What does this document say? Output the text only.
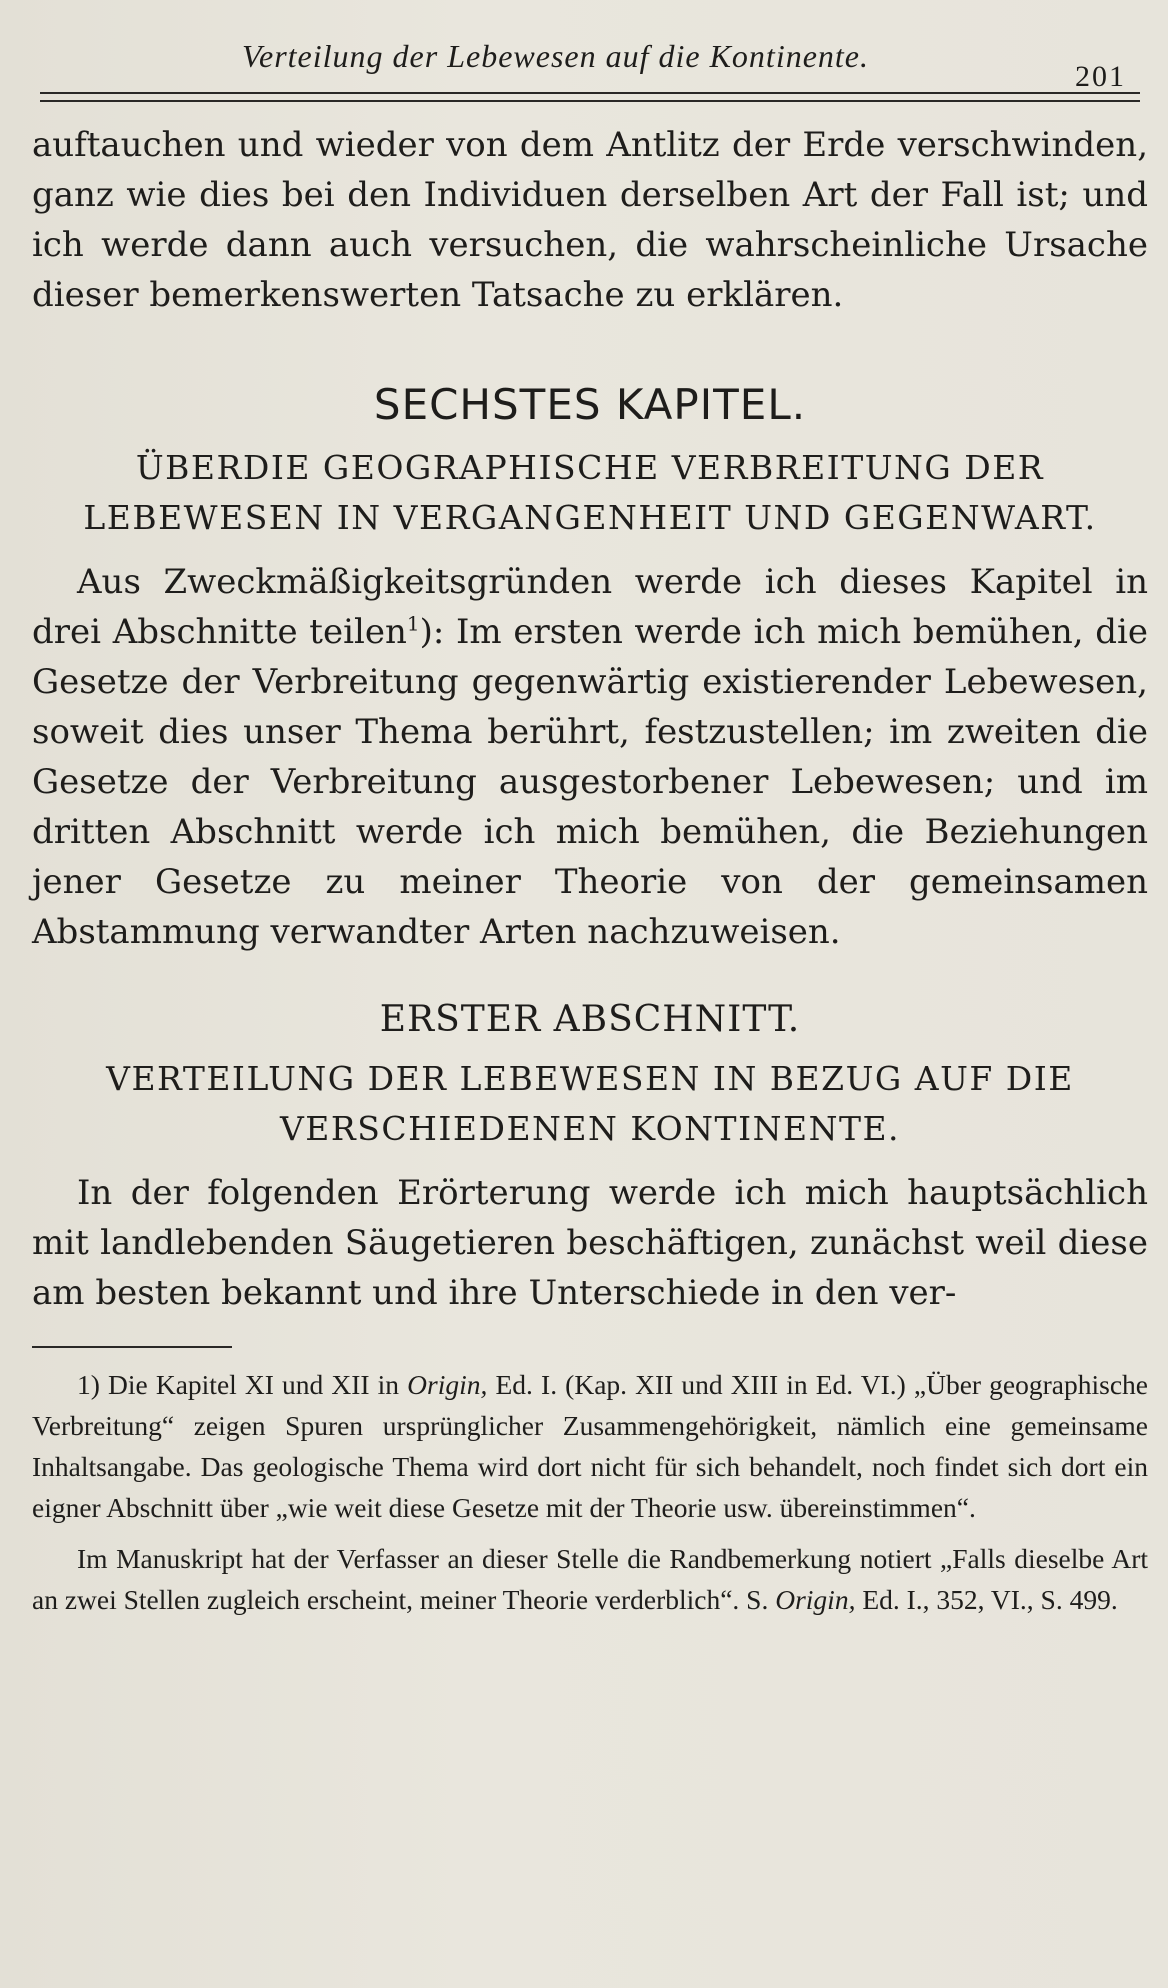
Verteilung der Lebewesen auf die Kontinente.
201

auftauchen und wieder von dem Antlitz der Erde verschwinden, ganz wie dies bei den Individuen derselben Art der Fall ist; und ich werde dann auch versuchen, die wahrscheinliche Ursache dieser bemerkenswerten Tatsache zu erklären.

SECHSTES KAPITEL.
ÜBERDIE GEOGRAPHISCHE VERBREITUNG DER
LEBEWESEN IN VERGANGENHEIT UND GEGENWART.

Aus Zweckmäßigkeitsgründen werde ich dieses Kapitel in drei Abschnitte teilen$^1$): Im ersten werde ich mich bemühen, die Gesetze der Verbreitung gegenwärtig existierender Lebewesen, soweit dies unser Thema berührt, festzustellen; im zweiten die Gesetze der Verbreitung ausgestorbener Lebewesen; und im dritten Abschnitt werde ich mich bemühen, die Beziehungen jener Gesetze zu meiner Theorie von der gemeinsamen Abstammung verwandter Arten nachzuweisen.

ERSTER ABSCHNITT.
VERTEILUNG DER LEBEWESEN IN BEZUG AUF DIE
VERSCHIEDENEN KONTINENTE.

In der folgenden Erörterung werde ich mich hauptsächlich mit landlebenden Säugetieren beschäftigen, zunächst weil diese am besten bekannt und ihre Unterschiede in den ver-

1) Die Kapitel XI und XII in Origin, Ed. I. (Kap. XII und XIII in Ed. VI.) „Über geographische Verbreitung“ zeigen Spuren ursprünglicher Zusammengehörigkeit, nämlich eine gemeinsame Inhaltsangabe. Das geologische Thema wird dort nicht für sich behandelt, noch findet sich dort ein eigner Abschnitt über „wie weit diese Gesetze mit der Theorie usw. übereinstimmen“.

Im Manuskript hat der Verfasser an dieser Stelle die Randbemerkung notiert „Falls dieselbe Art an zwei Stellen zugleich erscheint, meiner Theorie verderblich“. S. Origin, Ed. I., 352, VI., S. 499.
